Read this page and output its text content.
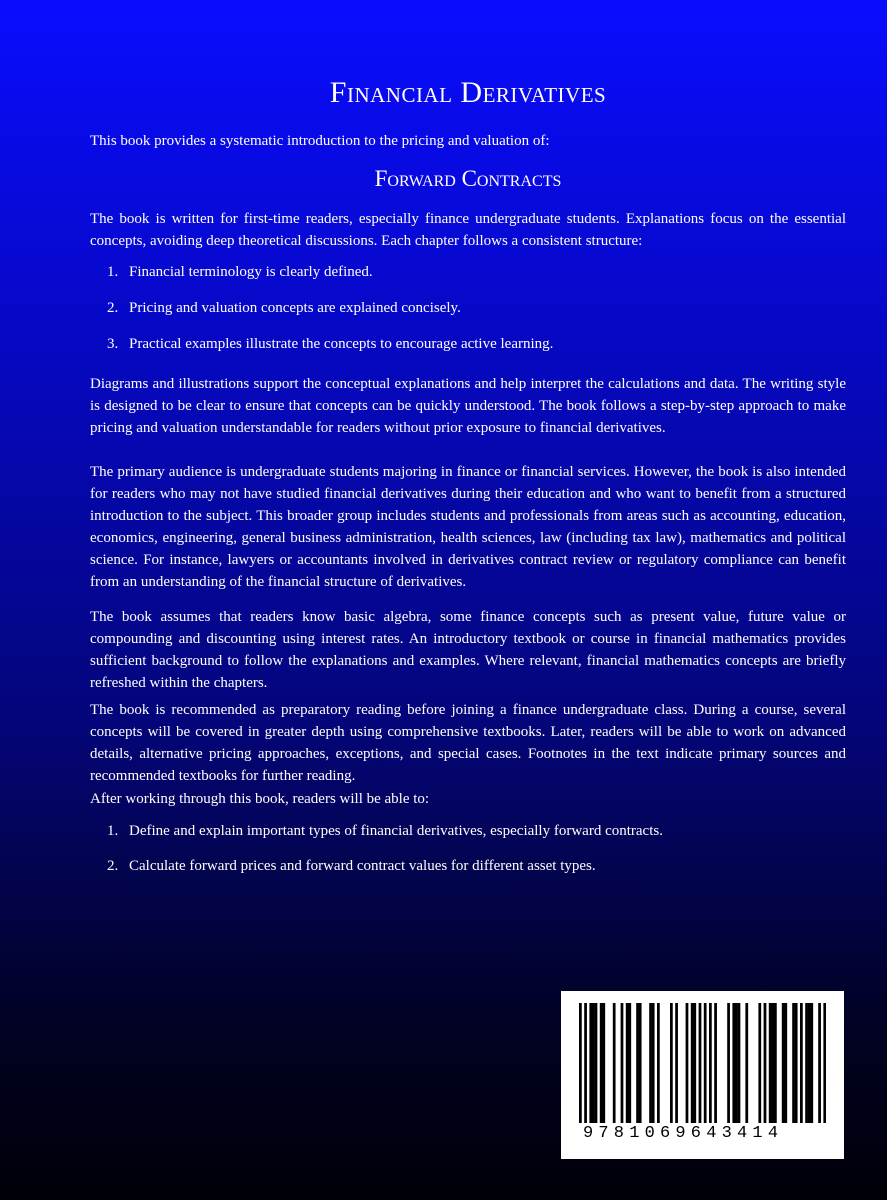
Financial Derivatives

This book provides a systematic introduction to the pricing and valuation of:

Forward Contracts

The book is written for first-time readers, especially finance undergraduate students. Explanations focus on the essential concepts, avoiding deep theoretical discussions. Each chapter follows a consistent structure:

1. Financial terminology is clearly defined.
2. Pricing and valuation concepts are explained concisely.
3. Practical examples illustrate the concepts to encourage active learning.

Diagrams and illustrations support the conceptual explanations and help interpret the calculations and data. The writing style is designed to be clear to ensure that concepts can be quickly understood. The book follows a step-by-step approach to make pricing and valuation understandable for readers without prior exposure to financial derivatives.

The primary audience is undergraduate students majoring in finance or financial services. However, the book is also intended for readers who may not have studied financial derivatives during their education and who want to benefit from a structured introduction to the subject. This broader group includes students and professionals from areas such as accounting, education, economics, engineering, general business administration, health sciences, law (including tax law), mathematics and political science. For instance, lawyers or accountants involved in derivatives contract review or regulatory compliance can benefit from an understanding of the financial structure of derivatives.

The book assumes that readers know basic algebra, some finance concepts such as present value, future value or compounding and discounting using interest rates. An introductory textbook or course in financial mathematics provides sufficient background to follow the explanations and examples. Where relevant, financial mathematics concepts are briefly refreshed within the chapters.

The book is recommended as preparatory reading before joining a finance undergraduate class. During a course, several concepts will be covered in greater depth using comprehensive textbooks. Later, readers will be able to work on advanced details, alternative pricing approaches, exceptions, and special cases. Footnotes in the text indicate primary sources and recommended textbooks for further reading.

After working through this book, readers will be able to:

1. Define and explain important types of financial derivatives, especially forward contracts.
2. Calculate forward prices and forward contract values for different asset types.
9781069643414
